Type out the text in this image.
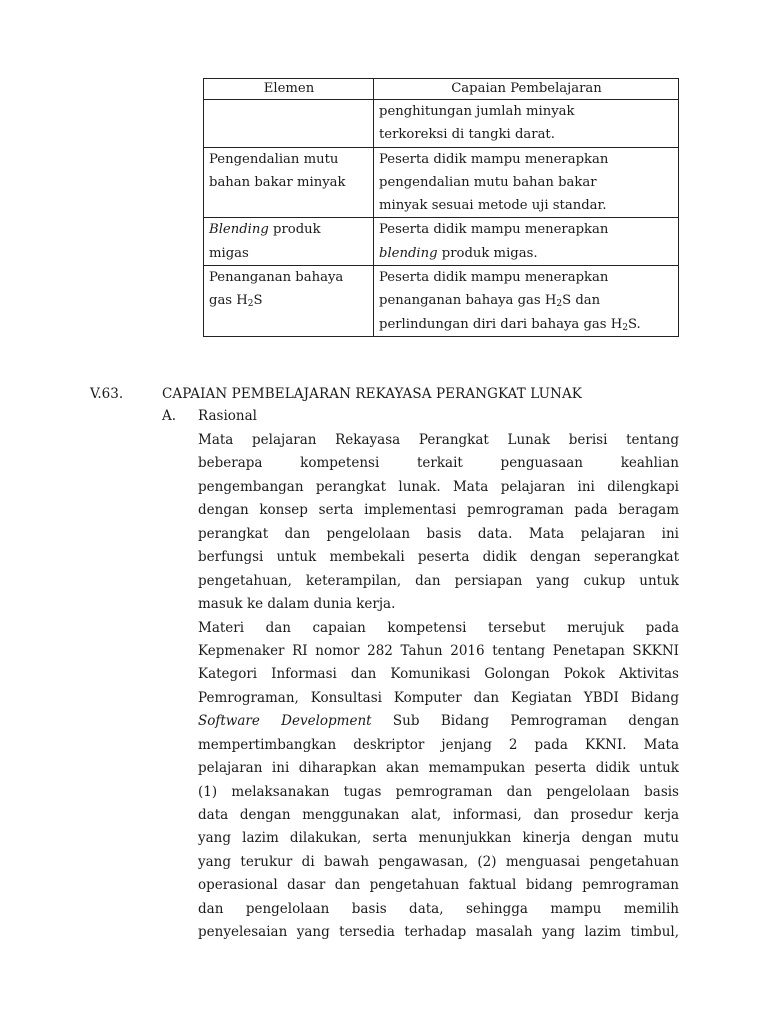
Elemen	Capaian Pembelajaran

	penghitungan jumlah minyak
terkoreksi di tangki darat.

Pengendalian mutu
bahan bakar minyak	Peserta didik mampu menerapkan
pengendalian mutu bahan bakar
minyak sesuai metode uji standar.

Blending produk
migas	Peserta didik mampu menerapkan
blending produk migas.

Penanganan bahaya
gas $H_2S$	Peserta didik mampu menerapkan
penanganan bahaya gas $H_2S$ dan
perlindungan diri dari bahaya gas $H_2S$.
V.63.	CAPAIAN PEMBELAJARAN REKAYASA PERANGKAT LUNAK
A. Rasional
Mata pelajaran Rekayasa Perangkat Lunak berisi tentang
beberapa kompetensi terkait penguasaan keahlian
pengembangan perangkat lunak. Mata pelajaran ini dilengkapi
dengan konsep serta implementasi pemrograman pada beragam
perangkat dan pengelolaan basis data. Mata pelajaran ini
berfungsi untuk membekali peserta didik dengan seperangkat
pengetahuan, keterampilan, dan persiapan yang cukup untuk
masuk ke dalam dunia kerja.
Materi dan capaian kompetensi tersebut merujuk pada
Kepmenaker RI nomor 282 Tahun 2016 tentang Penetapan SKKNI
Kategori Informasi dan Komunikasi Golongan Pokok Aktivitas
Pemrograman, Konsultasi Komputer dan Kegiatan YBDI Bidang
Software Development Sub Bidang Pemrograman dengan
mempertimbangkan deskriptor jenjang 2 pada KKNI. Mata
pelajaran ini diharapkan akan memampukan peserta didik untuk
(1) melaksanakan tugas pemrograman dan pengelolaan basis
data dengan menggunakan alat, informasi, dan prosedur kerja
yang lazim dilakukan, serta menunjukkan kinerja dengan mutu
yang terukur di bawah pengawasan, (2) menguasai pengetahuan
operasional dasar dan pengetahuan faktual bidang pemrograman
dan pengelolaan basis data, sehingga mampu memilih
penyelesaian yang tersedia terhadap masalah yang lazim timbul,
